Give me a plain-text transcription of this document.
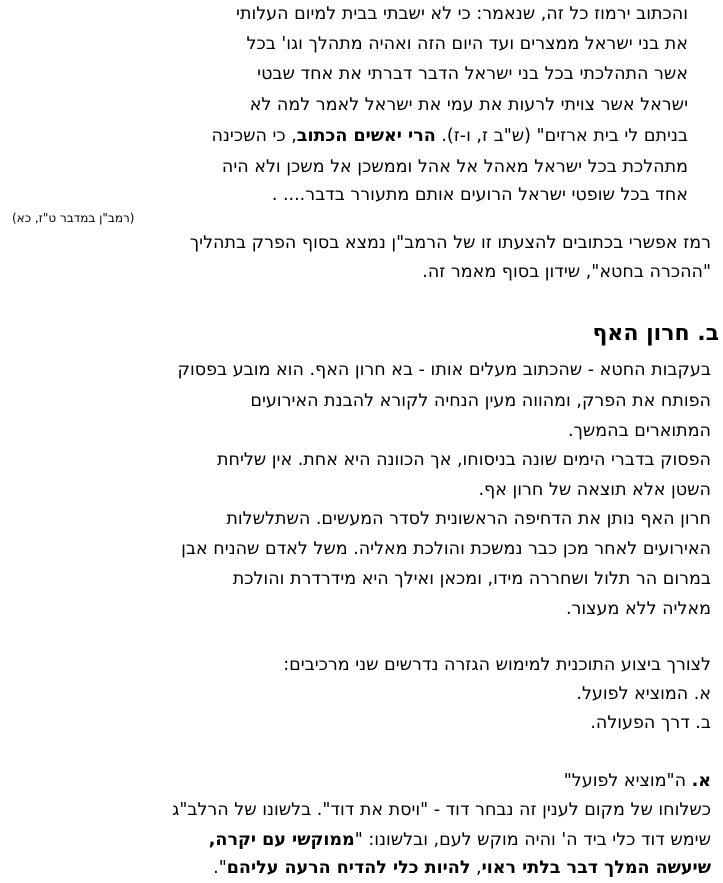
והכתוב ירמוז כל זה, שנאמר: כי לא ישבתי בבית למיום העלותי
את בני ישראל ממצרים ועד היום הזה ואהיה מתהלך וגו' בכל
אשר התהלכתי בכל בני ישראל הדבר דברתי את אחד שבטי
ישראל אשר צויתי לרעות את עמי את ישראל לאמר למה לא
בניתם לי בית ארזים" (ש"ב ז, ו-ז). הרי יאשים הכתוב, כי השכינה
מתהלכת בכל ישראל מאהל אל אהל וממשכן אל משכן ולא היה
אחד בכל שופטי ישראל הרועים אותם מתעורר בדבר.... .
(רמב"ן במדבר ט"ז, כא)
רמז אפשרי בכתובים להצעתו זו של הרמב"ן נמצא בסוף הפרק בתהליך
"ההכרה בחטא", שידון בסוף מאמר זה.
ב. חרון האף
בעקבות החטא - שהכתוב מעלים אותו - בא חרון האף. הוא מובע בפסוק
הפותח את הפרק, ומהווה מעין הנחיה לקורא להבנת האירועים
המתוארים בהמשך.
הפסוק בדברי הימים שונה בניסוחו, אך הכוונה היא אחת. אין שליחת
השטן אלא תוצאה של חרון אף.
חרון האף נותן את הדחיפה הראשונית לסדר המעשים. השתלשלות
האירועים לאחר מכן כבר נמשכת והולכת מאליה. משל לאדם שהניח אבן
במרום הר תלול ושחררה מידו, ומכאן ואילך היא מידרדרת והולכת
מאליה ללא מעצור.
לצורך ביצוע התוכנית למימוש הגזרה נדרשים שני מרכיבים:
א. המוציא לפועל.
ב. דרך הפעולה.
א. ה"מוציא לפועל"
כשלוחו של מקום לענין זה נבחר דוד - "ויסת את דוד". בלשונו של הרלב"ג
שימש דוד כלי ביד ה' והיה מוקש לעם, ובלשונו: "ממוקשי עם יקרה,
שיעשה המלך דבר בלתי ראוי, להיות כלי להדיח הרעה עליהם".
